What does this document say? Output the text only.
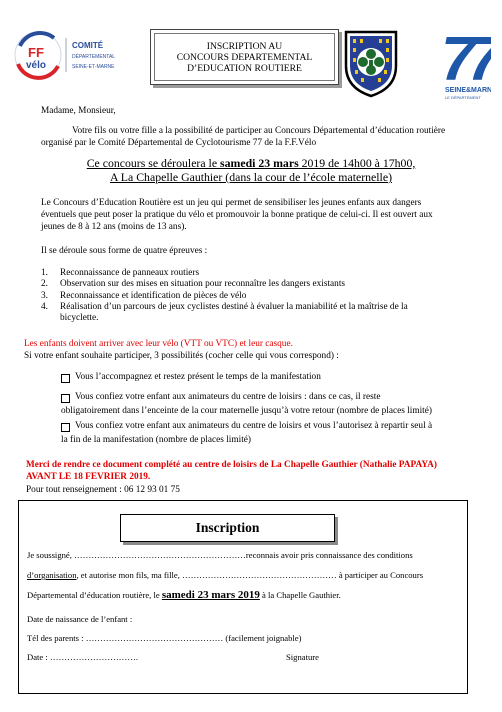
FF
vélo
COMITÉ
DÉPARTEMENTAL
SEINE-ET-MARNE
INSCRIPTION AU
CONCOURS DEPARTEMENTAL
D’EDUCATION ROUTIERE 77
SEINE&MARN
LE DÉPARTEMENT
Madame, Monsieur,
Votre fils ou votre fille a la possibilité de participer au Concours Départemental d’éducation routière
organisé par le Comité Départemental de Cyclotourisme 77 de la F.F.Vélo
Ce concours se déroulera le samedi 23 mars 2019 de 14h00 à 17h00,
A La Chapelle Gauthier (dans la cour de l’école maternelle)
Le Concours d’Education Routière est un jeu qui permet de sensibiliser les jeunes enfants aux dangers
éventuels que peut poser la pratique du vélo et promouvoir la bonne pratique de celui-ci. Il est ouvert aux
jeunes de 8 à 12 ans (moins de 13 ans).
Il se déroule sous forme de quatre épreuves :
1. Reconnaissance de panneaux routiers
2. Observation sur des mises en situation pour reconnaître les dangers existants
3. Reconnaissance et identification de pièces de vélo
4. Réalisation d’un parcours de jeux cyclistes destiné à évaluer la maniabilité et la maîtrise de la
bicyclette.
Les enfants doivent arriver avec leur vélo (VTT ou VTC) et leur casque.
Si votre enfant souhaite participer, 3 possibilités (cocher celle qui vous correspond) :
Vous l’accompagnez et restez présent le temps de la manifestation
Vous confiez votre enfant aux animateurs du centre de loisirs : dans ce cas, il reste
obligatoirement dans l’enceinte de la cour maternelle jusqu’à votre retour (nombre de places limité)
Vous confiez votre enfant aux animateurs du centre de loisirs et vous l’autorisez à repartir seul à
la fin de la manifestation (nombre de places limité)
Merci de rendre ce document complété au centre de loisirs de La Chapelle Gauthier (Nathalie PAPAYA)
AVANT LE 18 FEVRIER 2019.
Pour tout renseignement : 06 12 93 01 75
Inscription
Je soussigné, ……………………………………………………reconnais avoir pris connaissance des conditions
d’organisation, et autorise mon fils, ma fille, ……………………………………………… à participer au Concours
Départemental d’éducation routière, le samedi 23 mars 2019 à la Chapelle Gauthier.
Date de naissance de l’enfant :
Tél des parents : ………………………………………… (facilement joignable)
Date : ………………………….	Signature
